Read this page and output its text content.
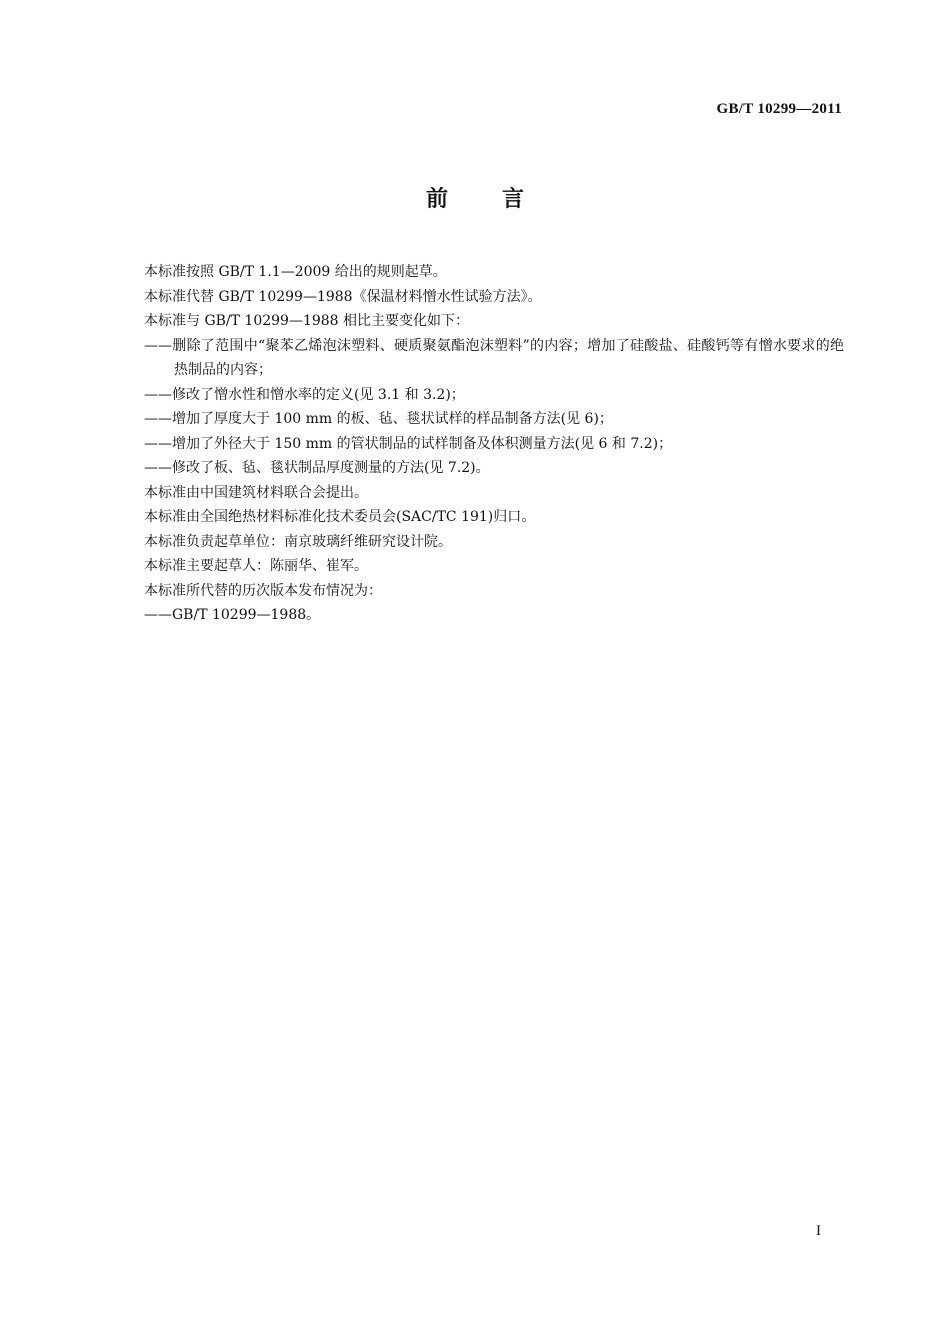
GB/T 10299—2011
前言
本标准按照 GB/T 1.1—2009 给出的规则起草。
本标准代替 GB/T 10299—1988《保温材料憎水性试验方法》。
本标准与 GB/T 10299—1988 相比主要变化如下：
——删除了范围中“聚苯乙烯泡沫塑料、硬质聚氨酯泡沫塑料”的内容；增加了硅酸盐、硅酸钙等有憎水要求的绝热制品的内容；
——修改了憎水性和憎水率的定义(见 3.1 和 3.2)；
——增加了厚度大于 100 mm 的板、毡、毯状试样的样品制备方法(见 6)；
——增加了外径大于 150 mm 的管状制品的试样制备及体积测量方法(见 6 和 7.2)；
——修改了板、毡、毯状制品厚度测量的方法(见 7.2)。
本标准由中国建筑材料联合会提出。
本标准由全国绝热材料标准化技术委员会(SAC/TC 191)归口。
本标准负责起草单位：南京玻璃纤维研究设计院。
本标准主要起草人：陈丽华、崔军。
本标准所代替的历次版本发布情况为：
——GB/T 10299—1988。
I
